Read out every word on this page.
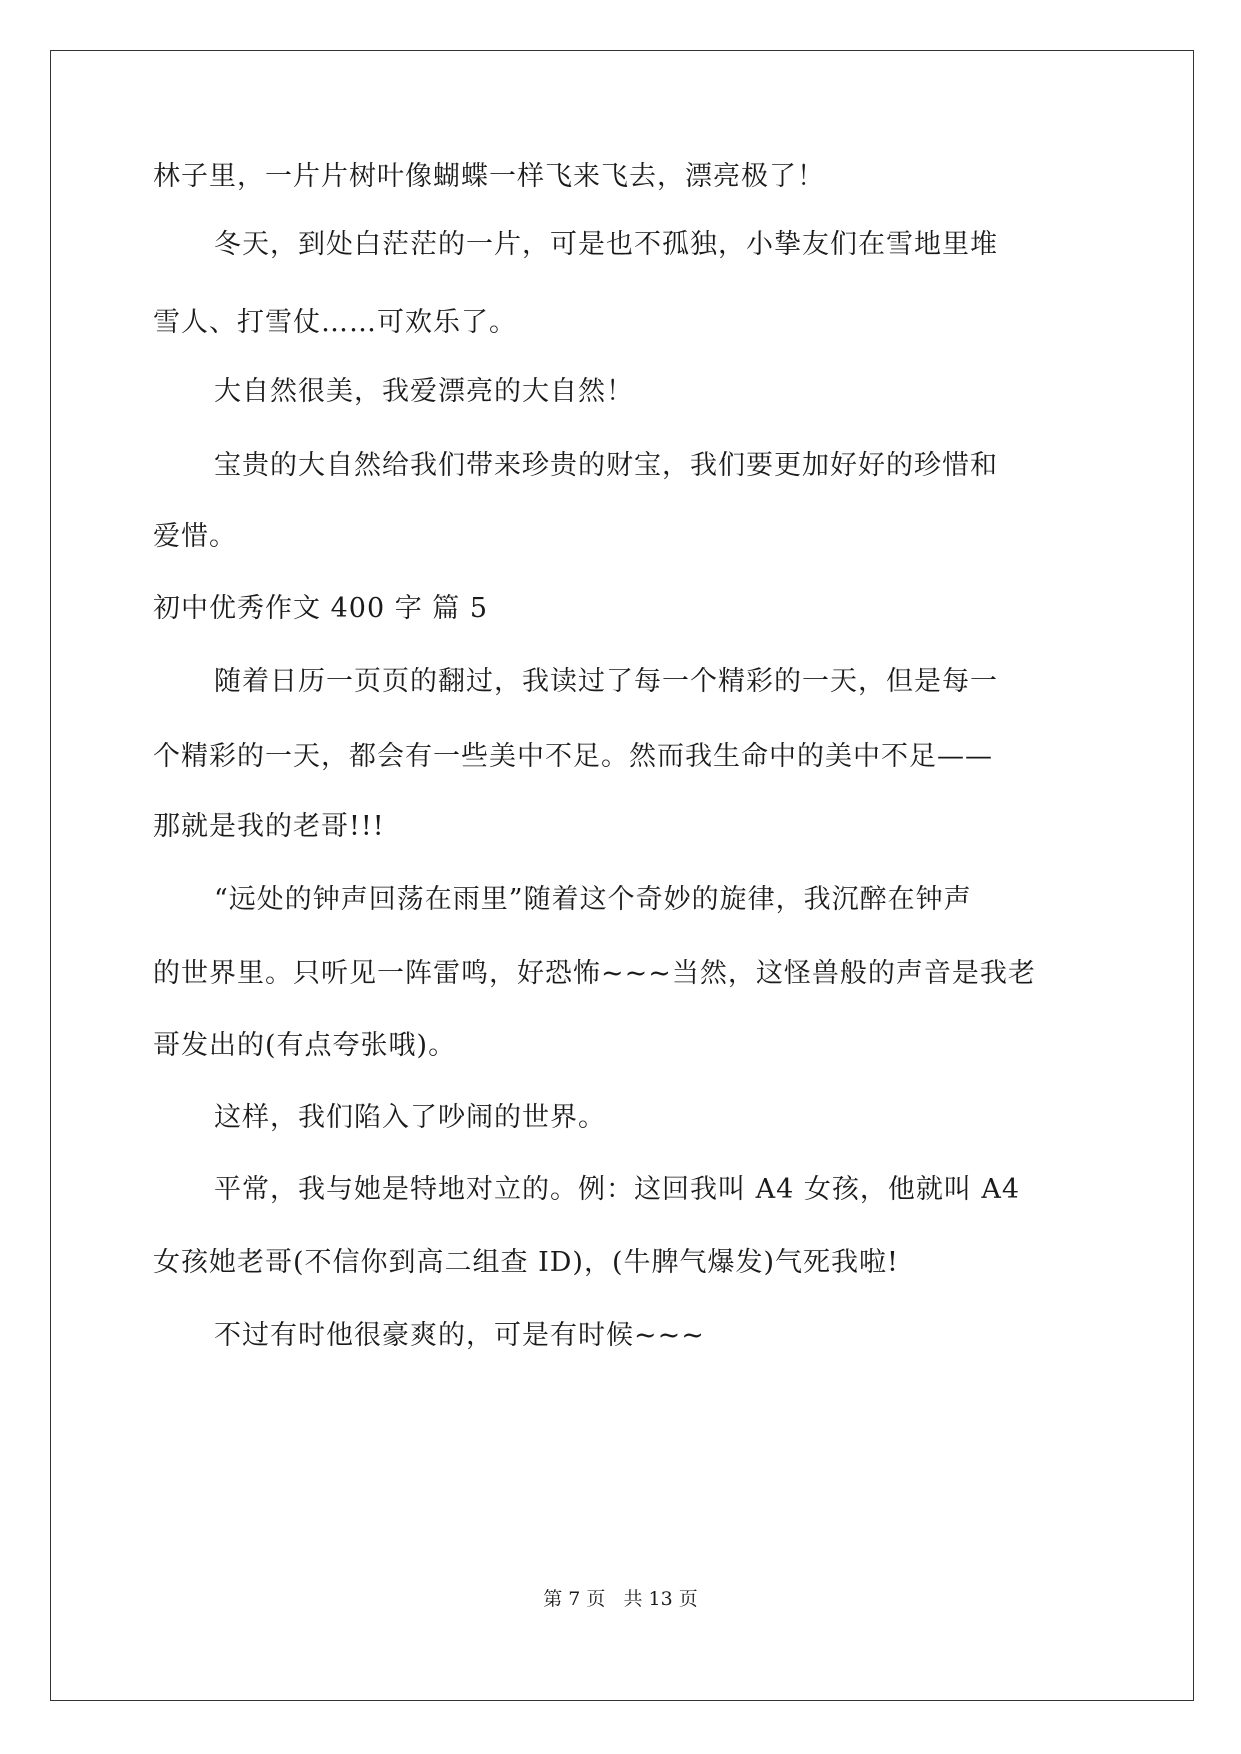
林子里，一片片树叶像蝴蝶一样飞来飞去，漂亮极了！
冬天，到处白茫茫的一片，可是也不孤独，小挚友们在雪地里堆
雪人、打雪仗……可欢乐了。
大自然很美，我爱漂亮的大自然！
宝贵的大自然给我们带来珍贵的财宝，我们要更加好好的珍惜和
爱惜。
初中优秀作文 400 字 篇 5
随着日历一页页的翻过，我读过了每一个精彩的一天，但是每一
个精彩的一天，都会有一些美中不足。然而我生命中的美中不足——
那就是我的老哥!!!
“远处的钟声回荡在雨里”随着这个奇妙的旋律，我沉醉在钟声
的世界里。只听见一阵雷鸣，好恐怖~~~当然，这怪兽般的声音是我老
哥发出的(有点夸张哦)。
这样，我们陷入了吵闹的世界。
平常，我与她是特地对立的。例：这回我叫 A4 女孩，他就叫 A4
女孩她老哥(不信你到高二组查 ID)，(牛脾气爆发)气死我啦!
不过有时他很豪爽的，可是有时候~~~
第 7 页   共 13 页
